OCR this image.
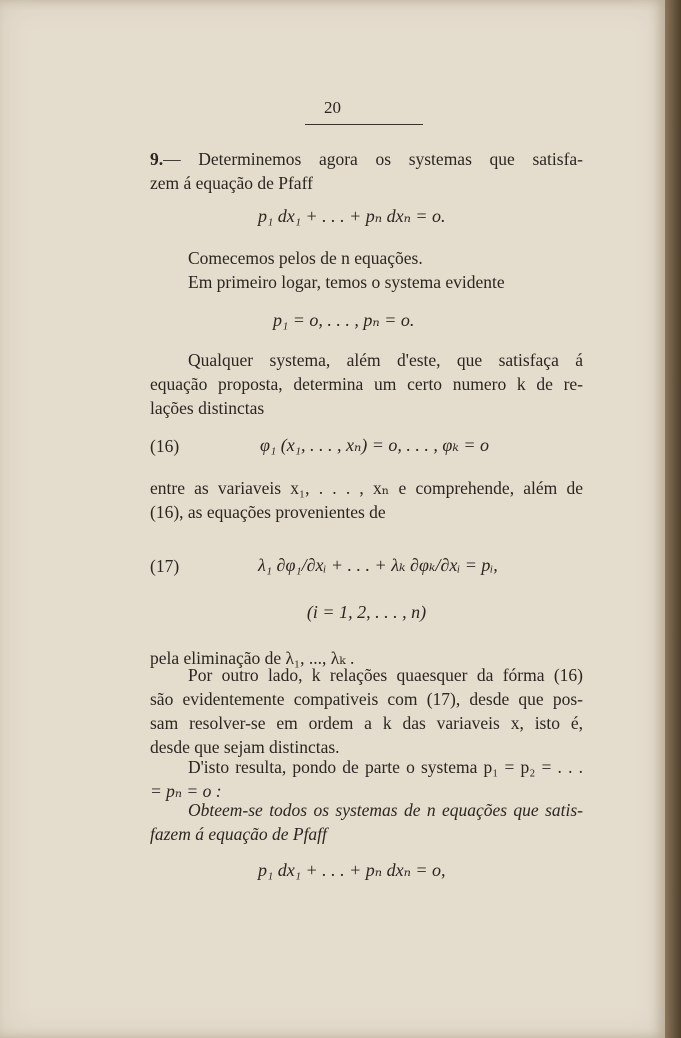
20
9.— Determinemos agora os systemas que satisfa-
zem á equação de Pfaff
p₁ dx₁ + . . . + pₙ dxₙ = o.
Comecemos pelos de n equações.
Em primeiro logar, temos o systema evidente
p₁ = o, . . . , pₙ = o.
Qualquer systema, além d'este, que satisfaça á
equação proposta, determina um certo numero k de re-
lações distinctas
(16)	φ₁ (x₁, . . . , xₙ) = o, . . . , φₖ = o
entre as variaveis x₁, . . . , xₙ e comprehende, além de
(16), as equações provenientes de
(17)	λ₁ ∂φ₁/∂xᵢ + . . . + λₖ ∂φₖ/∂xᵢ = pᵢ,
(i = 1, 2, . . . , n)
pela eliminação de λ₁, ..., λₖ .
Por outro lado, k relações quaesquer da fórma (16)
são evidentemente compativeis com (17), desde que pos-
sam resolver-se em ordem a k das variaveis x, isto é,
desde que sejam distinctas.
D'isto resulta, pondo de parte o systema p₁ = p₂ = . . .
= pₙ = o :
Obteem-se todos os systemas de n equações que satis-
fazem á equação de Pfaff
p₁ dx₁ + . . . + pₙ dxₙ = o,
